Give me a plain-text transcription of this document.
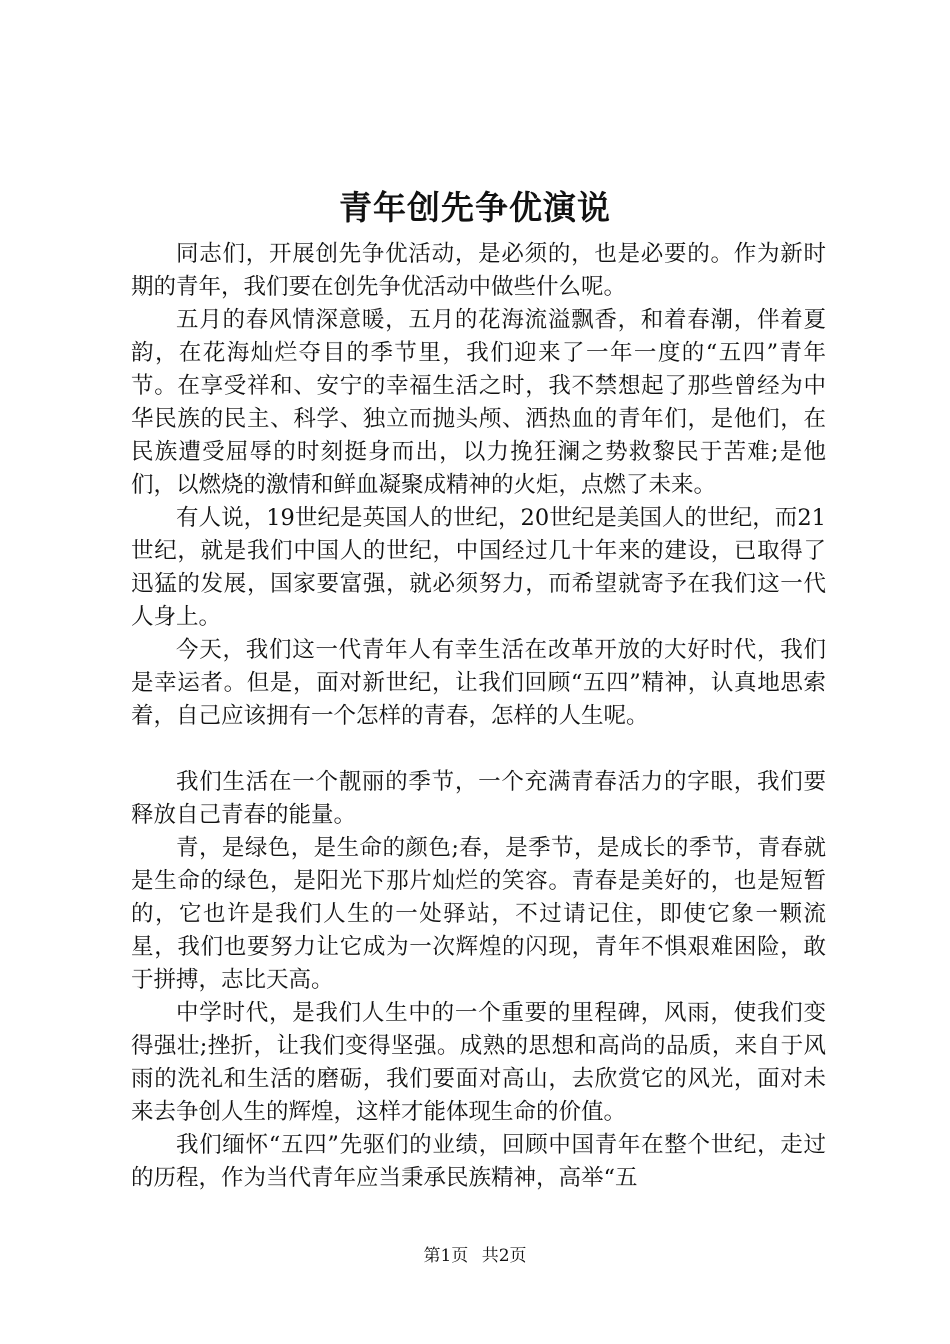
青年创先争优演说

同志们，开展创先争优活动，是必须的，也是必要的。作为新时期的青年，我们要在创先争优活动中做些什么呢。

五月的春风情深意暖，五月的花海流溢飘香，和着春潮，伴着夏韵，在花海灿烂夺目的季节里，我们迎来了一年一度的“五四”青年节。在享受祥和、安宁的幸福生活之时，我不禁想起了那些曾经为中华民族的民主、科学、独立而抛头颅、洒热血的青年们，是他们，在民族遭受屈辱的时刻挺身而出，以力挽狂澜之势救黎民于苦难;是他们，以燃烧的激情和鲜血凝聚成精神的火炬，点燃了未来。

有人说，19世纪是英国人的世纪，20世纪是美国人的世纪，而21世纪，就是我们中国人的世纪，中国经过几十年来的建设，已取得了迅猛的发展，国家要富强，就必须努力，而希望就寄予在我们这一代人身上。

今天，我们这一代青年人有幸生活在改革开放的大好时代，我们是幸运者。但是，面对新世纪，让我们回顾“五四”精神，认真地思索着，自己应该拥有一个怎样的青春，怎样的人生呢。

我们生活在一个靓丽的季节，一个充满青春活力的字眼，我们要释放自己青春的能量。

青，是绿色，是生命的颜色;春，是季节，是成长的季节，青春就是生命的绿色，是阳光下那片灿烂的笑容。青春是美好的，也是短暂的，它也许是我们人生的一处驿站，不过请记住，即使它象一颗流星，我们也要努力让它成为一次辉煌的闪现，青年不惧艰难困险，敢于拼搏，志比天高。

中学时代，是我们人生中的一个重要的里程碑，风雨，使我们变得强壮;挫折，让我们变得坚强。成熟的思想和高尚的品质，来自于风雨的洗礼和生活的磨砺，我们要面对高山，去欣赏它的风光，面对未来去争创人生的辉煌，这样才能体现生命的价值。

我们缅怀“五四”先驱们的业绩，回顾中国青年在整个世纪，走过的历程，作为当代青年应当秉承民族精神，高举“五

第1页 共2页
